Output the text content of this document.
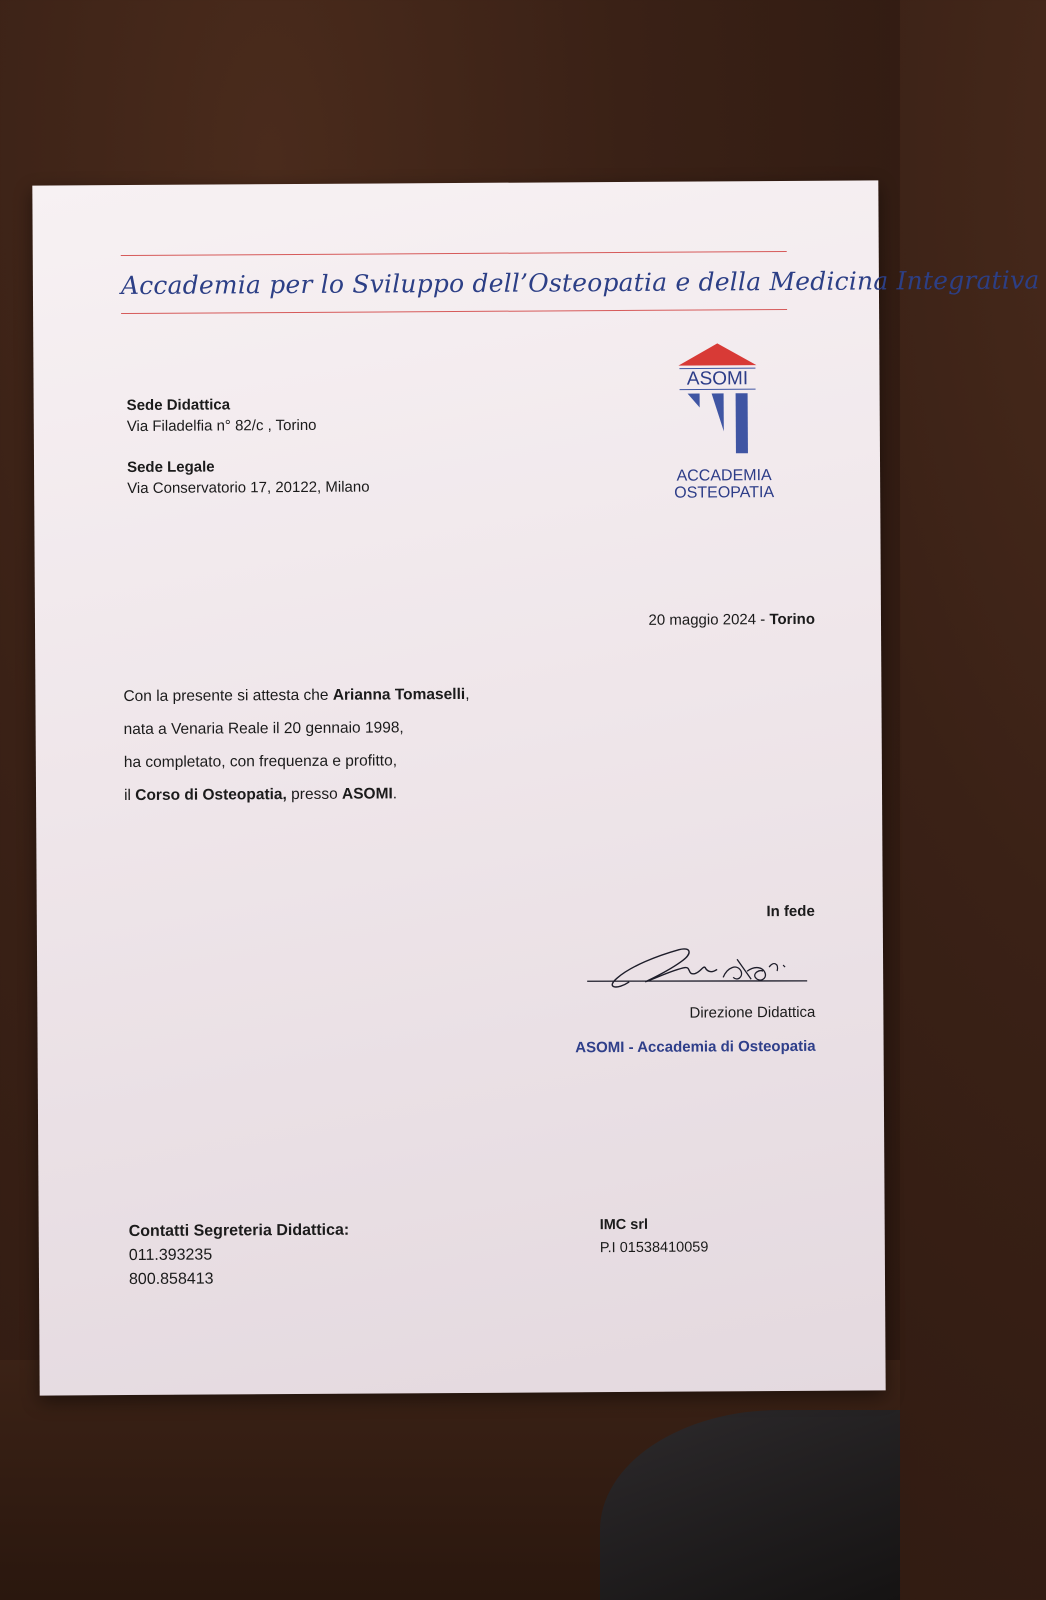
Accademia per lo Sviluppo dell’Osteopatia e della Medicina Integrativa
Sede Didattica
Via Filadelfia n° 82/c , Torino
Sede Legale
Via Conservatorio 17, 20122, Milano
ASOMI
ACCADEMIA
OSTEOPATIA
20 maggio 2024 - Torino
Con la presente si attesta che Arianna Tomaselli,
nata a Venaria Reale il 20 gennaio 1998,
ha completato, con frequenza e profitto,
il Corso di Osteopatia, presso ASOMI.
In fede
Direzione Didattica
ASOMI - Accademia di Osteopatia
Contatti Segreteria Didattica:
011.393235
800.858413
IMC srl
P.I 01538410059
